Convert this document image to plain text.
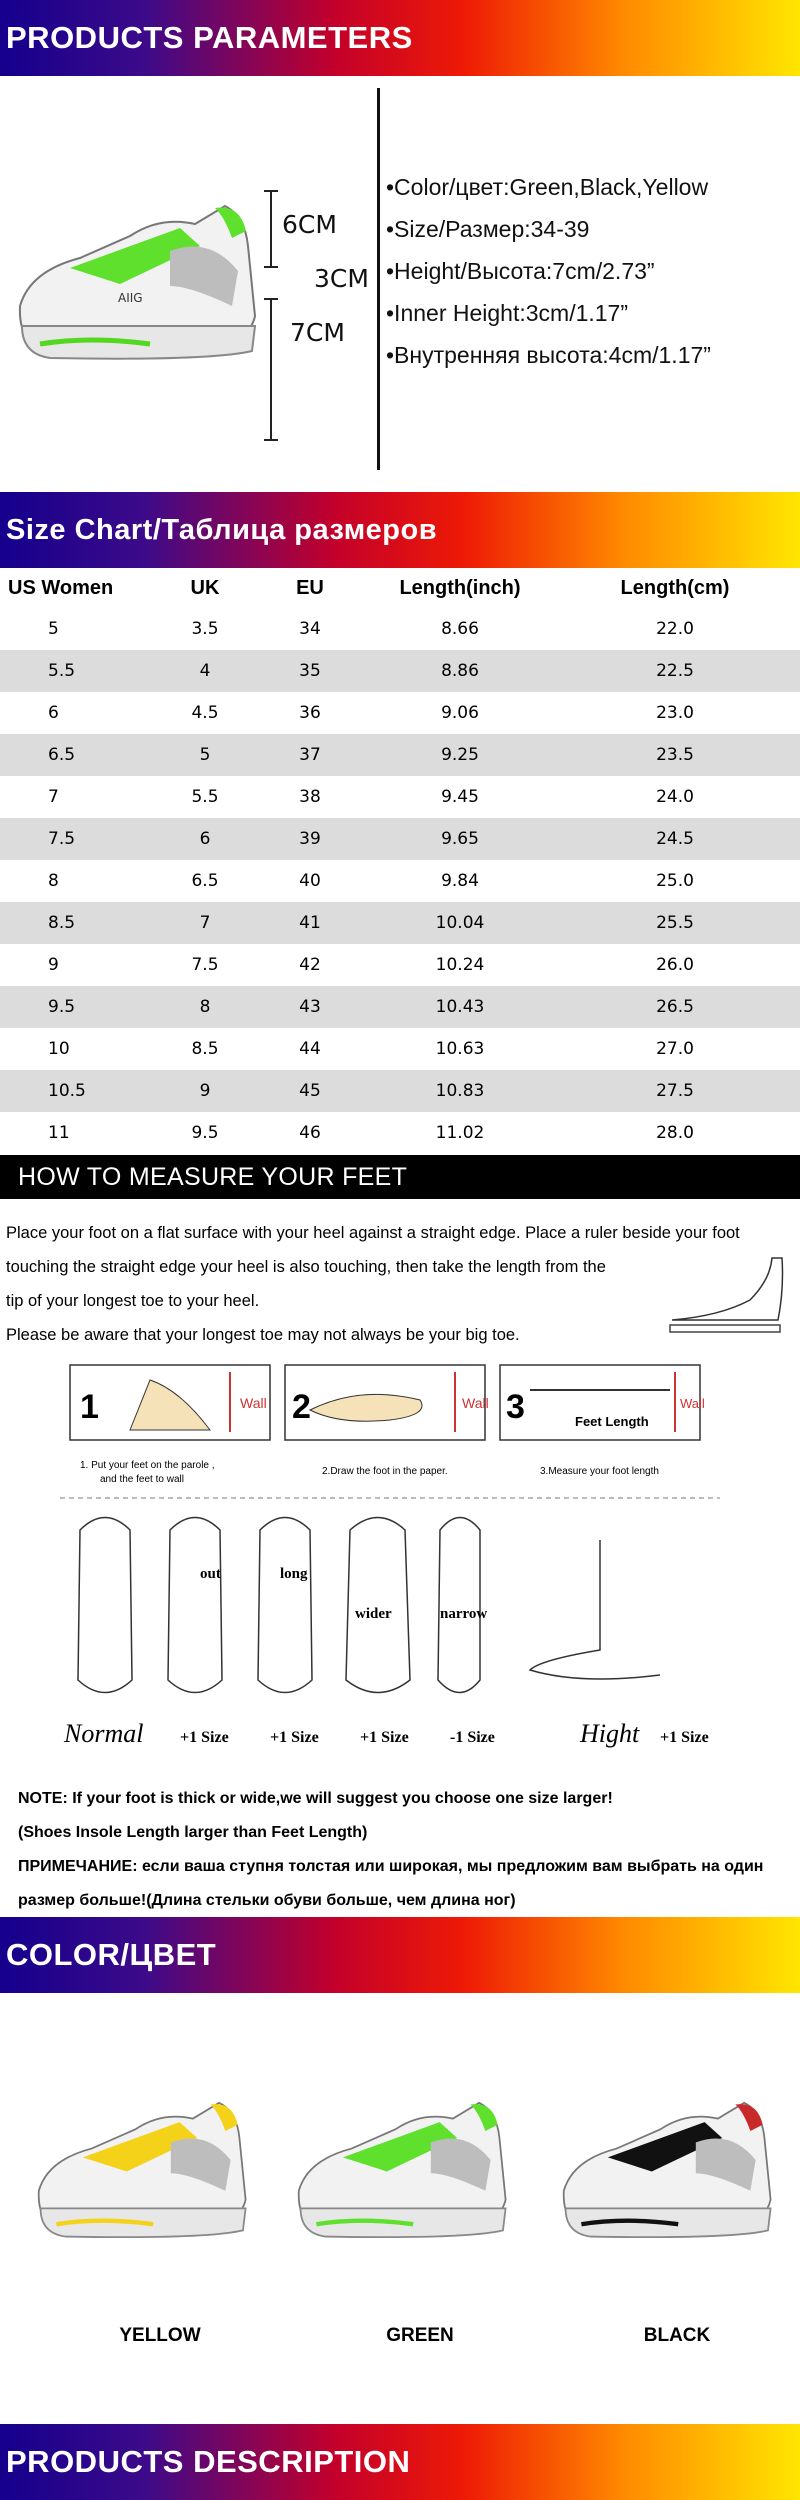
PRODUCTS PARAMETERS
AIIG
6CM
3CM
7CM
•Color/цвет:Green,Black,Yellow
•Size/Размер:34-39
•Height/Высота:7cm/2.73”
•Inner Height:3cm/1.17”
•Внутренняя высота:4cm/1.17”
Size Chart/Таблица размеров
US Women	UK	EU	Length(inch)	Length(cm)
5	3.5	34	8.66	22.0
5.5	4	35	8.86	22.5
6	4.5	36	9.06	23.0
6.5	5	37	9.25	23.5
7	5.5	38	9.45	24.0
7.5	6	39	9.65	24.5
8	6.5	40	9.84	25.0
8.5	7	41	10.04	25.5
9	7.5	42	10.24	26.0
9.5	8	43	10.43	26.5
10	8.5	44	10.63	27.0
10.5	9	45	10.83	27.5
11	9.5	46	11.02	28.0
HOW TO MEASURE YOUR FEET
Place your foot on a flat surface with your heel against a straight edge. Place a ruler beside your foot
touching the straight edge your heel is also touching, then take the length from the
tip of your longest toe to your heel.
Please be aware that your longest toe may not always be your big toe.
1	Wall 2	Wall 3	Wall
Feet Length
1. Put your feet on the parole ,
and the feet to wall
2.Draw the foot in the paper.	3.Measure your foot length
out	long
wider	narrow
Normal +1 Size	+1 Size	+1 Size	-1 Size	Hight +1 Size
NOTE: If your foot is thick or wide,we will suggest you choose one size larger!
(Shoes Insole Length larger than Feet Length)
ПРИМЕЧАНИЕ: если ваша ступня толстая или широкая, мы предложим вам выбрать на один
размер больше!(Длина стельки обуви больше, чем длина ног)
COLOR/ЦВЕТ
YELLOW	GREEN	BLACK
PRODUCTS DESCRIPTION
